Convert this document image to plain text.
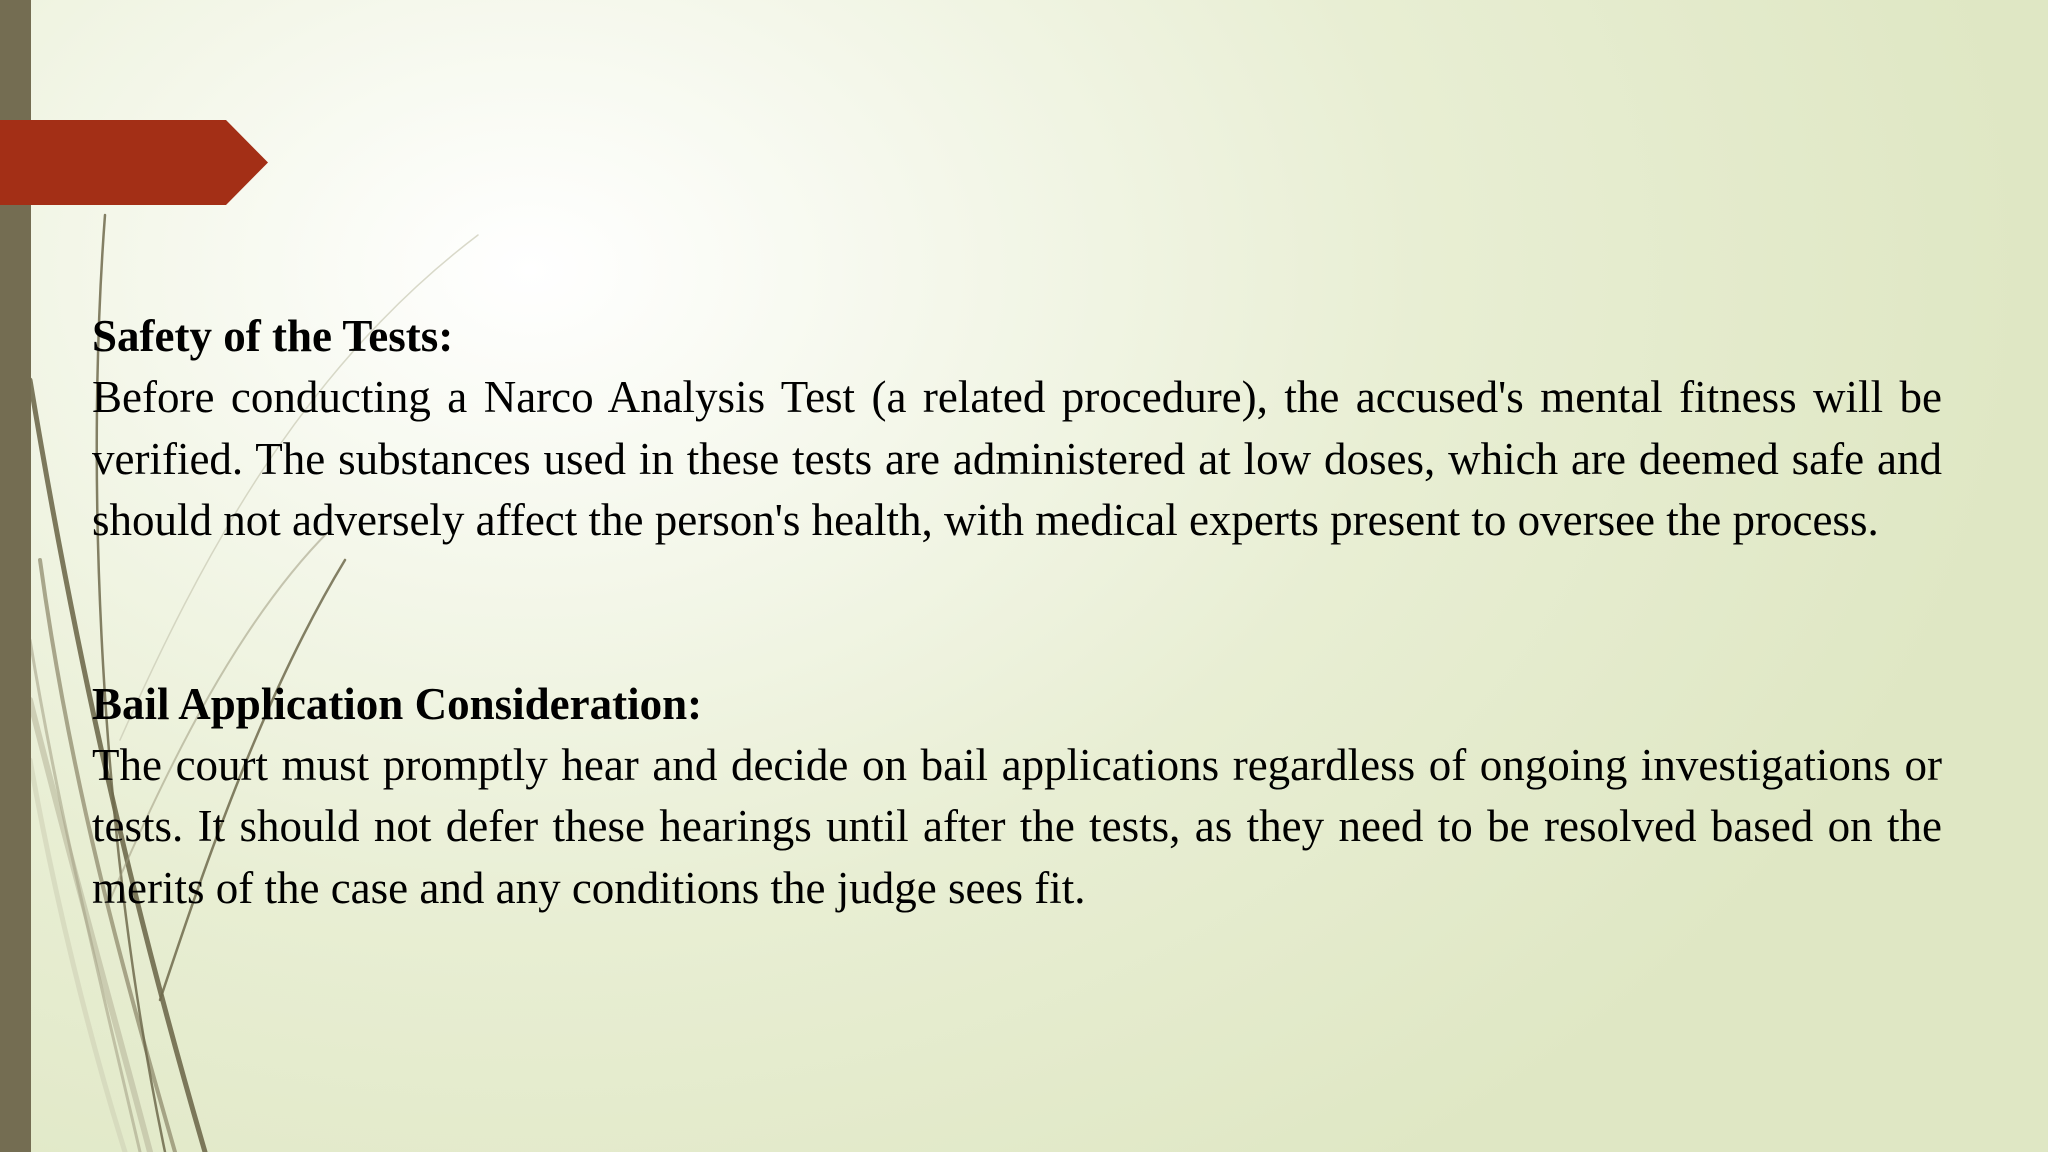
Safety of the Tests:

Before conducting a Narco Analysis Test (a related procedure), the accused's mental fitness will be verified. The substances used in these tests are administered at low doses, which are deemed safe and should not adversely affect the person's health, with medical experts present to oversee the process.

Bail Application Consideration:

The court must promptly hear and decide on bail applications regardless of ongoing investigations or tests. It should not defer these hearings until after the tests, as they need to be resolved based on the merits of the case and any conditions the judge sees fit.
